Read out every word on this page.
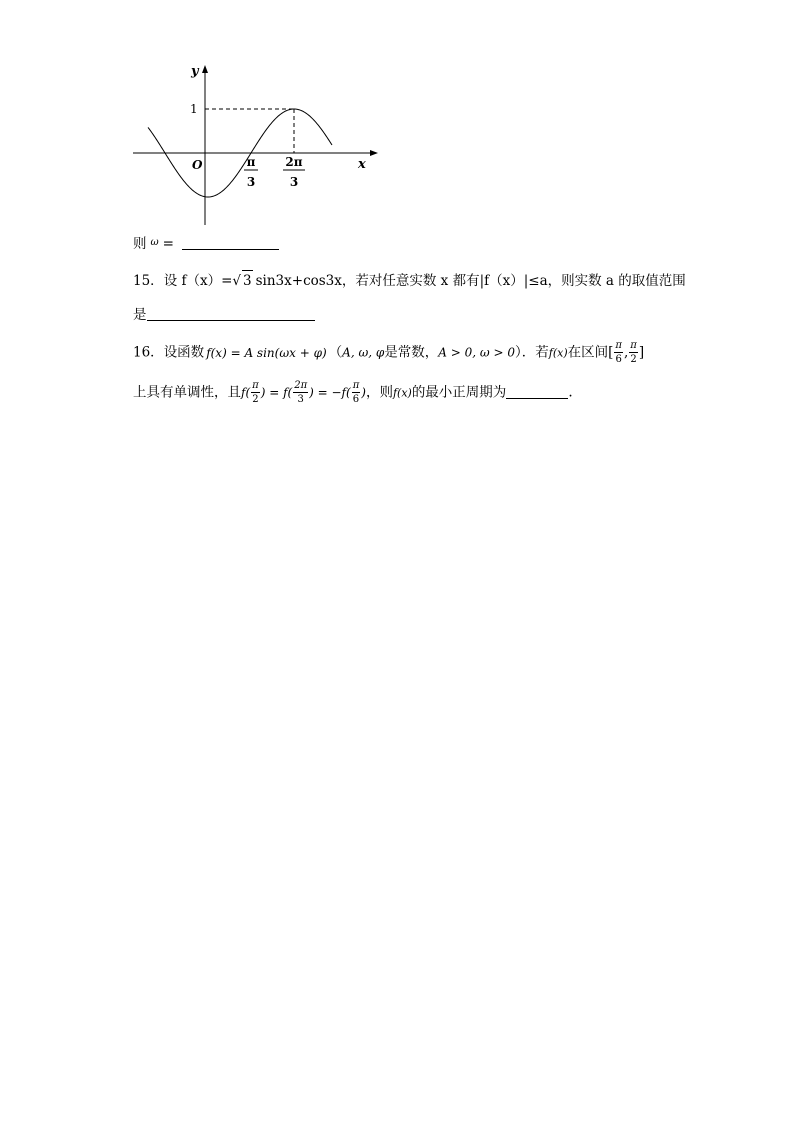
y
x
O
1
π
3
2π
3
则 $^\omega$ =
15．设 f（x）=√ 3 sin3x+cos3x，若对任意实数 x 都有|f（x）|≤a，则实数 a 的取值范围
是
16．设函数 f(x) = A sin(ωx + φ) （A, ω, φ是常数，A > 0, ω > 0）．若f(x)在区间[ $\frac{\pi}{6}$ , $\frac{\pi}{2}$ ]
上具有单调性，且$f( \frac{\pi}{2}$ ) = $f( \frac{2\pi}{3}$ ) = $-f( \frac{\pi}{6}$ )，则f(x)的最小正周期为	.
